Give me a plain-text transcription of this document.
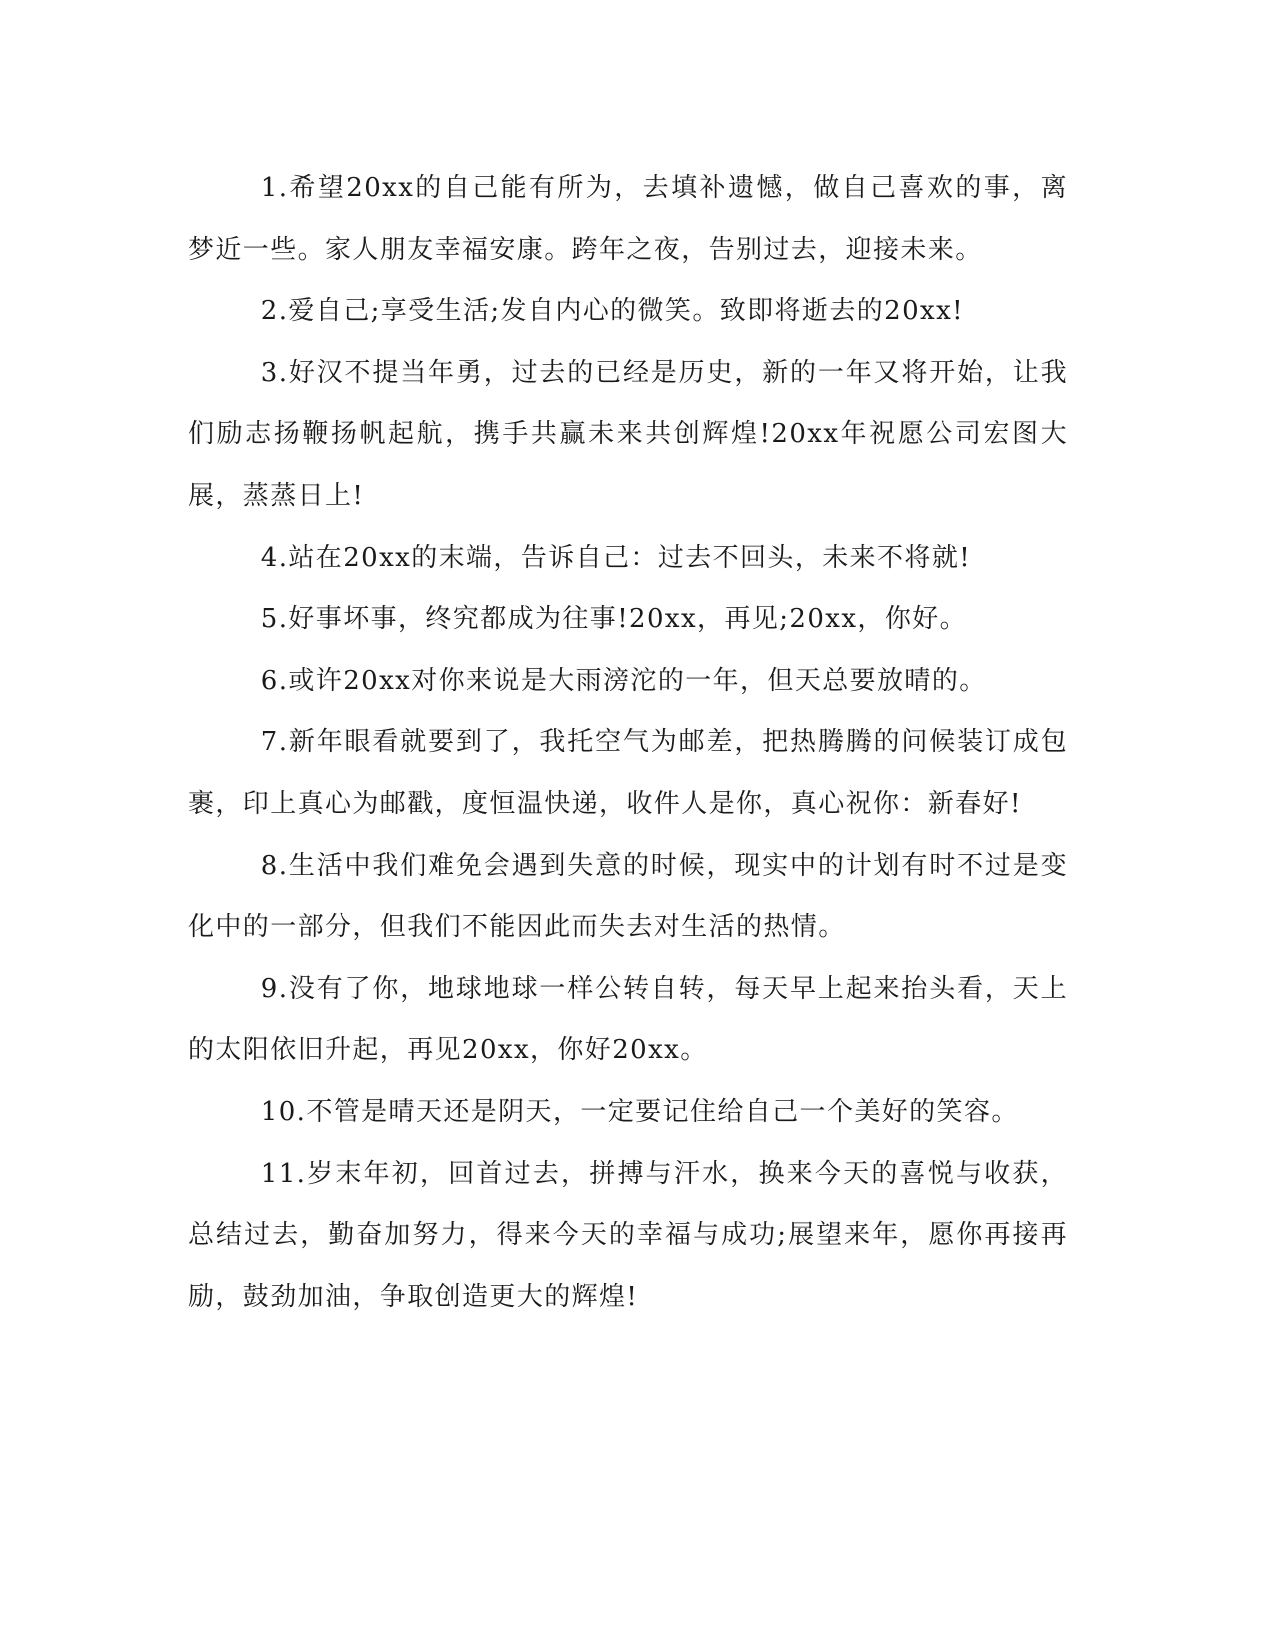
1.希望20xx的自己能有所为，去填补遗憾，做自己喜欢的事，离梦近一些。家人朋友幸福安康。跨年之夜，告别过去，迎接未来。

2.爱自己;享受生活;发自内心的微笑。致即将逝去的20xx!

3.好汉不提当年勇，过去的已经是历史，新的一年又将开始，让我们励志扬鞭扬帆起航，携手共赢未来共创辉煌!20xx年祝愿公司宏图大展，蒸蒸日上!

4.站在20xx的末端，告诉自己：过去不回头，未来不将就!

5.好事坏事，终究都成为往事!20xx，再见;20xx，你好。

6.或许20xx对你来说是大雨滂沱的一年，但天总要放晴的。

7.新年眼看就要到了，我托空气为邮差，把热腾腾的问候装订成包裹，印上真心为邮戳，度恒温快递，收件人是你，真心祝你：新春好!

8.生活中我们难免会遇到失意的时候，现实中的计划有时不过是变化中的一部分，但我们不能因此而失去对生活的热情。

9.没有了你，地球地球一样公转自转，每天早上起来抬头看，天上的太阳依旧升起，再见20xx，你好20xx。

10.不管是晴天还是阴天，一定要记住给自己一个美好的笑容。

11.岁末年初，回首过去，拼搏与汗水，换来今天的喜悦与收获，总结过去，勤奋加努力，得来今天的幸福与成功;展望来年，愿你再接再励，鼓劲加油，争取创造更大的辉煌!
